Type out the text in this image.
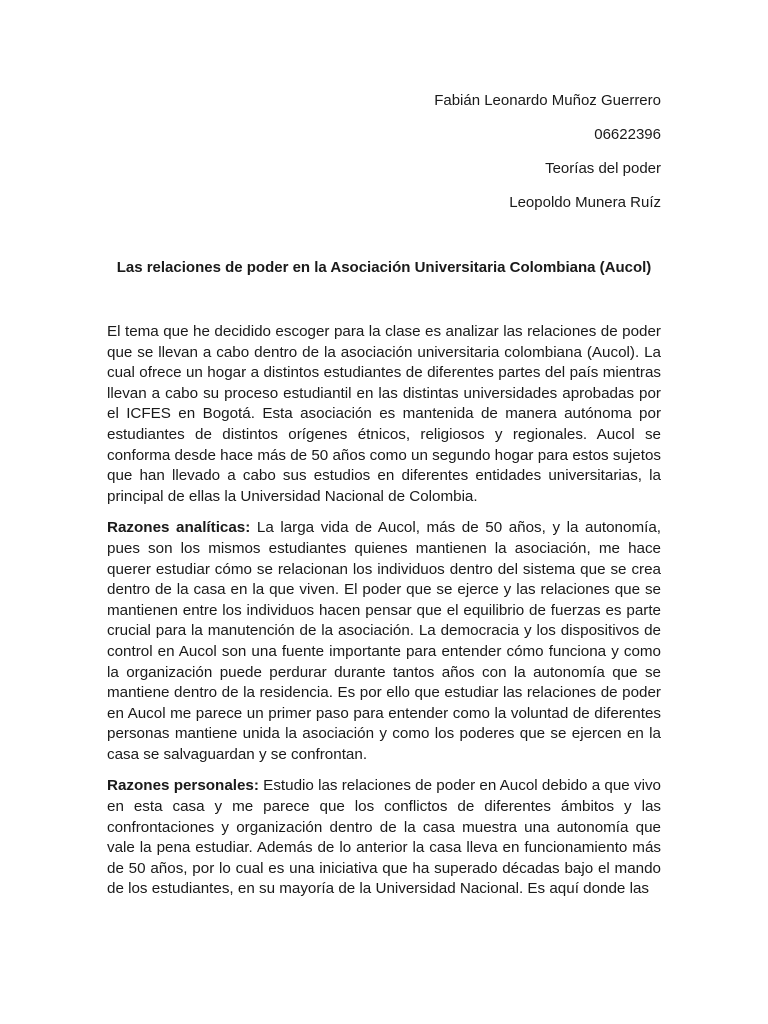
Fabián Leonardo Muñoz Guerrero
06622396
Teorías del poder
Leopoldo Munera Ruíz
Las relaciones de poder en la Asociación Universitaria Colombiana (Aucol)

El tema que he decidido escoger para la clase es analizar las relaciones de poder que se llevan a cabo dentro de la asociación universitaria colombiana (Aucol). La cual ofrece un hogar a distintos estudiantes de diferentes partes del país mientras llevan a cabo su proceso estudiantil en las distintas universidades aprobadas por el ICFES en Bogotá. Esta asociación es mantenida de manera autónoma por estudiantes de distintos orígenes étnicos, religiosos y regionales. Aucol se conforma desde hace más de 50 años como un segundo hogar para estos sujetos que han llevado a cabo sus estudios en diferentes entidades universitarias, la principal de ellas la Universidad Nacional de Colombia.

Razones analíticas: La larga vida de Aucol, más de 50 años, y la autonomía, pues son los mismos estudiantes quienes mantienen la asociación, me hace querer estudiar cómo se relacionan los individuos dentro del sistema que se crea dentro de la casa en la que viven. El poder que se ejerce y las relaciones que se mantienen entre los individuos hacen pensar que el equilibrio de fuerzas es parte crucial para la manutención de la asociación. La democracia y los dispositivos de control en Aucol son una fuente importante para entender cómo funciona y como la organización puede perdurar durante tantos años con la autonomía que se mantiene dentro de la residencia. Es por ello que estudiar las relaciones de poder en Aucol me parece un primer paso para entender como la voluntad de diferentes personas mantiene unida la asociación y como los poderes que se ejercen en la casa se salvaguardan y se confrontan.

Razones personales: Estudio las relaciones de poder en Aucol debido a que vivo en esta casa y me parece que los conflictos de diferentes ámbitos y las confrontaciones y organización dentro de la casa muestra una autonomía que vale la pena estudiar. Además de lo anterior la casa lleva en funcionamiento más de 50 años, por lo cual es una iniciativa que ha superado décadas bajo el mando de los estudiantes, en su mayoría de la Universidad Nacional. Es aquí donde las
